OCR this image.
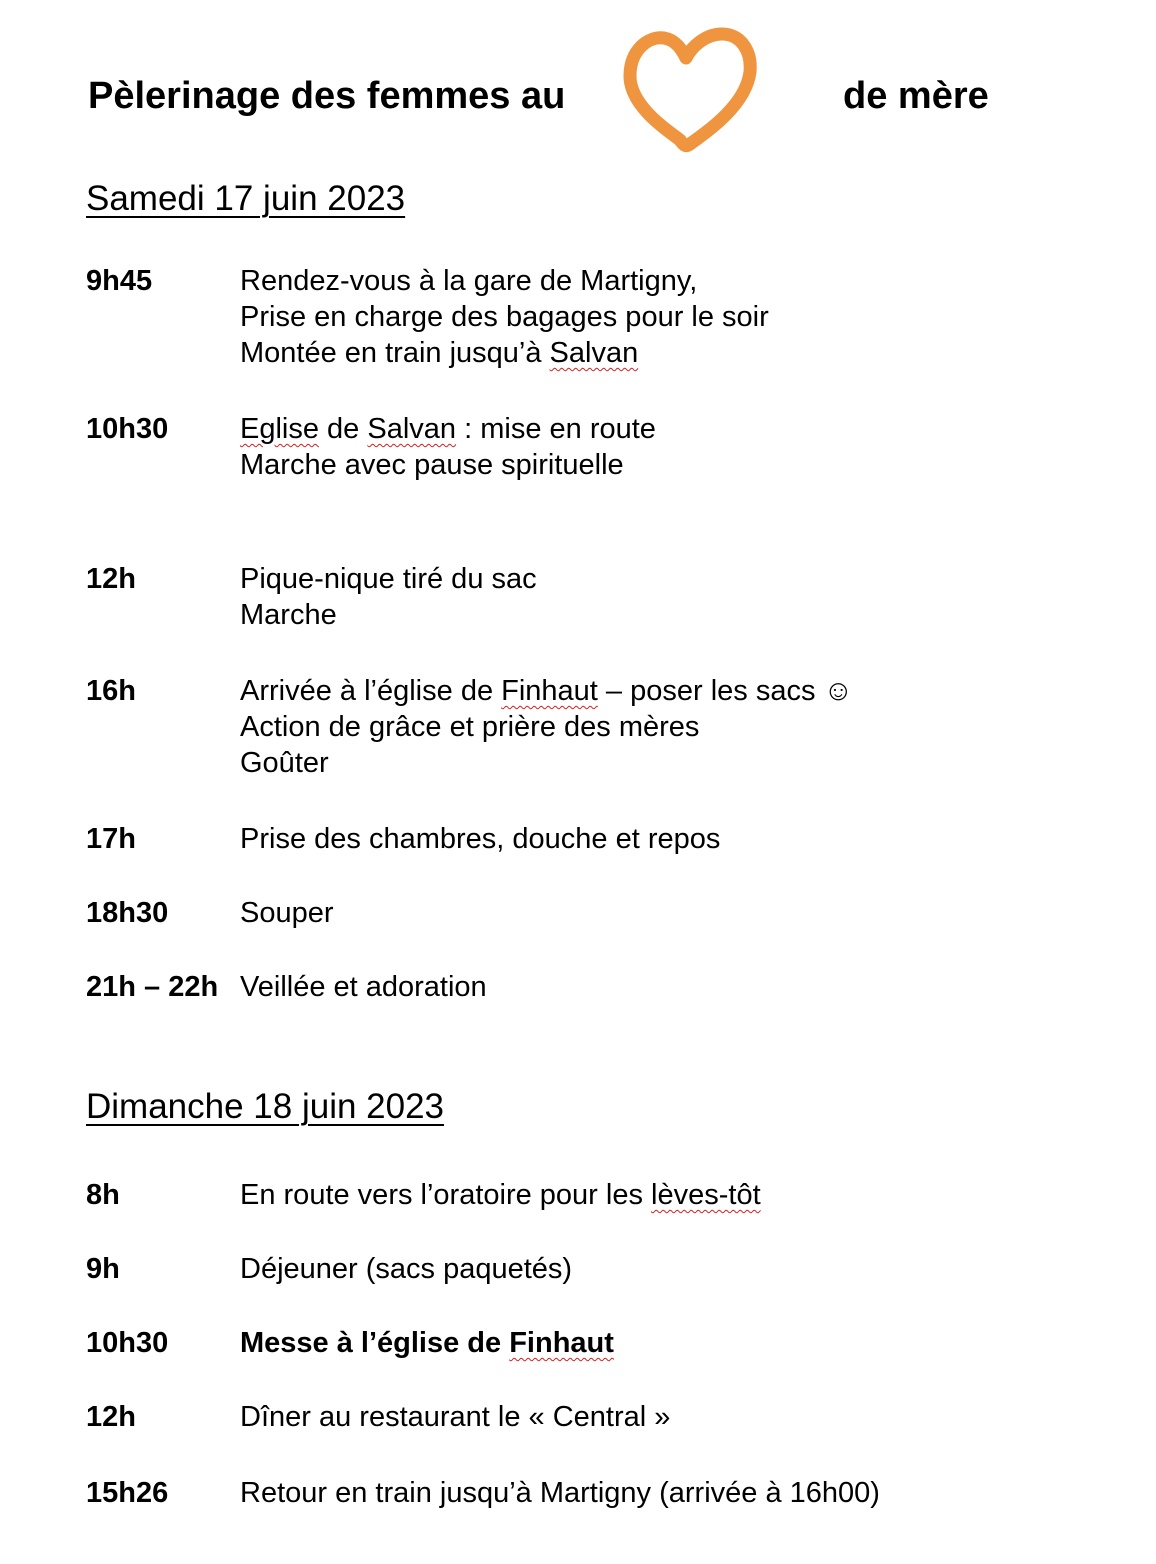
Pèlerinage des femmes au	de mère
Samedi 17 juin 2023
9h45	Rendez-vous à la gare de Martigny,
Prise en charge des bagages pour le soir
Montée en train jusqu’à Salvan
10h30 Eglise de Salvan : mise en route
Marche avec pause spirituelle
12h	Pique-nique tiré du sac
Marche
16h	Arrivée à l’église de Finhaut – poser les sacs ☺
Action de grâce et prière des mères
Goûter
17h	Prise des chambres, douche et repos
18h30 Souper
21h – 22h Veillée et adoration
Dimanche 18 juin 2023
8h	En route vers l’oratoire pour les lèves-tôt
9h	Déjeuner (sacs paquetés)
10h30 Messe à l’église de Finhaut
12h	Dîner au restaurant le « Central »
15h26 Retour en train jusqu’à Martigny (arrivée à 16h00)
